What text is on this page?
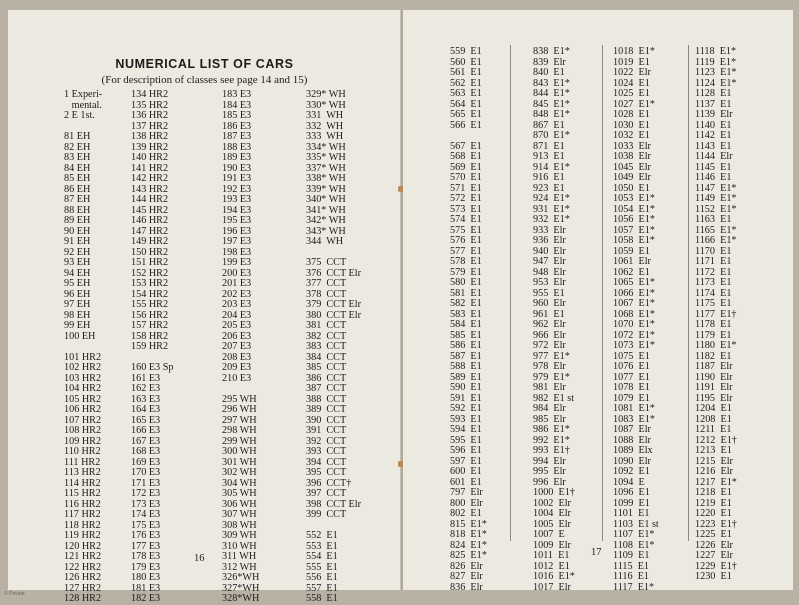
NUMERICAL LIST OF CARS
(For description of classes see page 14 and 15)
1 Experi-
mental.
2 E 1st.
81 EH
82 EH
83 EH
84 EH
85 EH
86 EH
87 EH
88 EH
89 EH
90 EH
91 EH
92 EH
93 EH
94 EH
95 EH
96 EH
97 EH
98 EH
99 EH
100 EH
101 HR2
102 HR2
103 HR2
104 HR2
105 HR2
106 HR2
107 HR2
108 HR2
109 HR2
110 HR2
111 HR2
113 HR2
114 HR2
115 HR2
116 HR2
117 HR2
118 HR2
119 HR2
120 HR2
121 HR2
122 HR2
126 HR2
127 HR2
128 HR2
134 HR2
135 HR2
136 HR2
137 HR2
138 HR2
139 HR2
140 HR2
141 HR2
142 HR2
143 HR2
144 HR2
145 HR2
146 HR2
147 HR2
149 HR2
150 HR2
151 HR2
152 HR2
153 HR2
154 HR2
155 HR2
156 HR2
157 HR2
158 HR2
159 HR2
160 E3 Sp
161 E3
162 E3
163 E3
164 E3
165 E3
166 E3
167 E3
168 E3
169 E3
170 E3
171 E3
172 E3
173 E3
174 E3
175 E3
176 E3
177 E3
178 E3
179 E3
180 E3
181 E3
182 E3
183 E3
184 E3
185 E3
186 E3
187 E3
188 E3
189 E3
190 E3
191 E3
192 E3
193 E3
194 E3
195 E3
196 E3
197 E3
198 E3
199 E3
200 E3
201 E3
202 E3
203 E3
204 E3
205 E3
206 E3
207 E3
208 E3
209 E3
210 E3
295 WH
296 WH
297 WH
298 WH
299 WH
300 WH
301 WH
302 WH
304 WH
305 WH
306 WH
307 WH
308 WH
309 WH
310 WH
311 WH
312 WH
326*WH
327*WH
328*WH
329* WH
330* WH
331  WH
332  WH
333  WH
334* WH
335* WH
337* WH
338* WH
339* WH
340* WH
341* WH
342* WH
343* WH
344  WH
375  CCT
376  CCT Elr
377  CCT
378  CCT
379  CCT Elr
380  CCT Elr
381  CCT
382  CCT
383  CCT
384  CCT
385  CCT
386  CCT
387  CCT
388  CCT
389  CCT
390  CCT
391  CCT
392  CCT
393  CCT
394  CCT
395  CCT
396  CCT†
397  CCT
398  CCT Elr
399  CCT
552  E1
553  E1
554  E1
555  E1
556  E1
557  E1
558  E1
16
559  E1
560  E1
561  E1
562  E1
563  E1
564  E1
565  E1
566  E1
567  E1
568  E1
569  E1
570  E1
571  E1
572  E1
573  E1
574  E1
575  E1
576  E1
577  E1
578  E1
579  E1
580  E1
581  E1
582  E1
583  E1
584  E1
585  E1
586  E1
587  E1
588  E1
589  E1
590  E1
591  E1
592  E1
593  E1
594  E1
595  E1
596  E1
597  E1
600  E1
601  E1
797  Elr
800  Elr
802  E1
815  E1*
818  E1*
824  E1*
825  E1*
826  Elr
827  Elr
836  Elr
838  E1*
839  Elr
840  E1
843  E1*
844  E1*
845  E1*
848  E1*
867  E1
870  E1*
871  E1
913  E1
914  E1*
916  E1
923  E1
924  E1*
931  E1*
932  E1*
933  Elr
936  Elr
940  Elr
947  Elr
948  Elr
953  Elr
955  E1
960  Elr
961  E1
962  Elr
966  Elr
972  Elr
977  E1*
978  Elr
979  E1*
981  Elr
982  E1 st
984  Elr
985  Elr
986  E1*
992  E1*
993  E1†
994  Elr
995  Elr
996  Elr
1000  E1†
1002  Elr
1004  Elr
1005  Elr
1007  E
1009  Elr
1011  E1
1012  E1
1016  E1*
1017  Elr
1018  E1*
1019  E1
1022  Elr
1024  E1
1025  E1
1027  E1*
1028  E1
1030  E1
1032  E1
1033  Elr
1038  Elr
1045  Elr
1049  Elr
1050  E1
1053  E1*
1054  E1*
1056  E1*
1057  E1*
1058  E1*
1059  E1
1061  Elr
1062  E1
1065  E1*
1066  E1*
1067  E1*
1068  E1*
1070  E1*
1072  E1*
1073  E1*
1075  E1
1076  E1
1077  E1
1078  E1
1079  E1
1081  E1*
1083  E1*
1087  Elr
1088  Elr
1089  Elx
1090  Elr
1092  E1
1094  E
1096  E1
1099  E1
1101  E1
1103  E1 st
1107  E1*
1108  E1*
1109  E1
1115  E1
1116  E1
1117  E1*
1118  E1*
1119  E1*
1123  E1*
1124  E1*
1128  E1
1137  E1
1139  Elr
1140  E1
1142  E1
1143  E1
1144  Elr
1145  E1
1146  E1
1147  E1*
1149  E1*
1152  E1*
1163  E1
1165  E1*
1166  E1*
1170  E1
1171  E1
1172  E1
1173  E1
1174  E1
1175  E1
1177  E1†
1178  E1
1179  E1
1180  E1*
1182  E1
1187  Elr
1190  Elr
1191  Elr
1195  Elr
1204  E1
1208  E1
1211  E1
1212  E1†
1213  E1
1215  Elr
1216  Elr
1217  E1*
1218  E1
1219  E1
1220  E1
1223  E1†
1225  E1
1226  Elr
1227  Elr
1229  E1†
1230  E1
17
© Private
